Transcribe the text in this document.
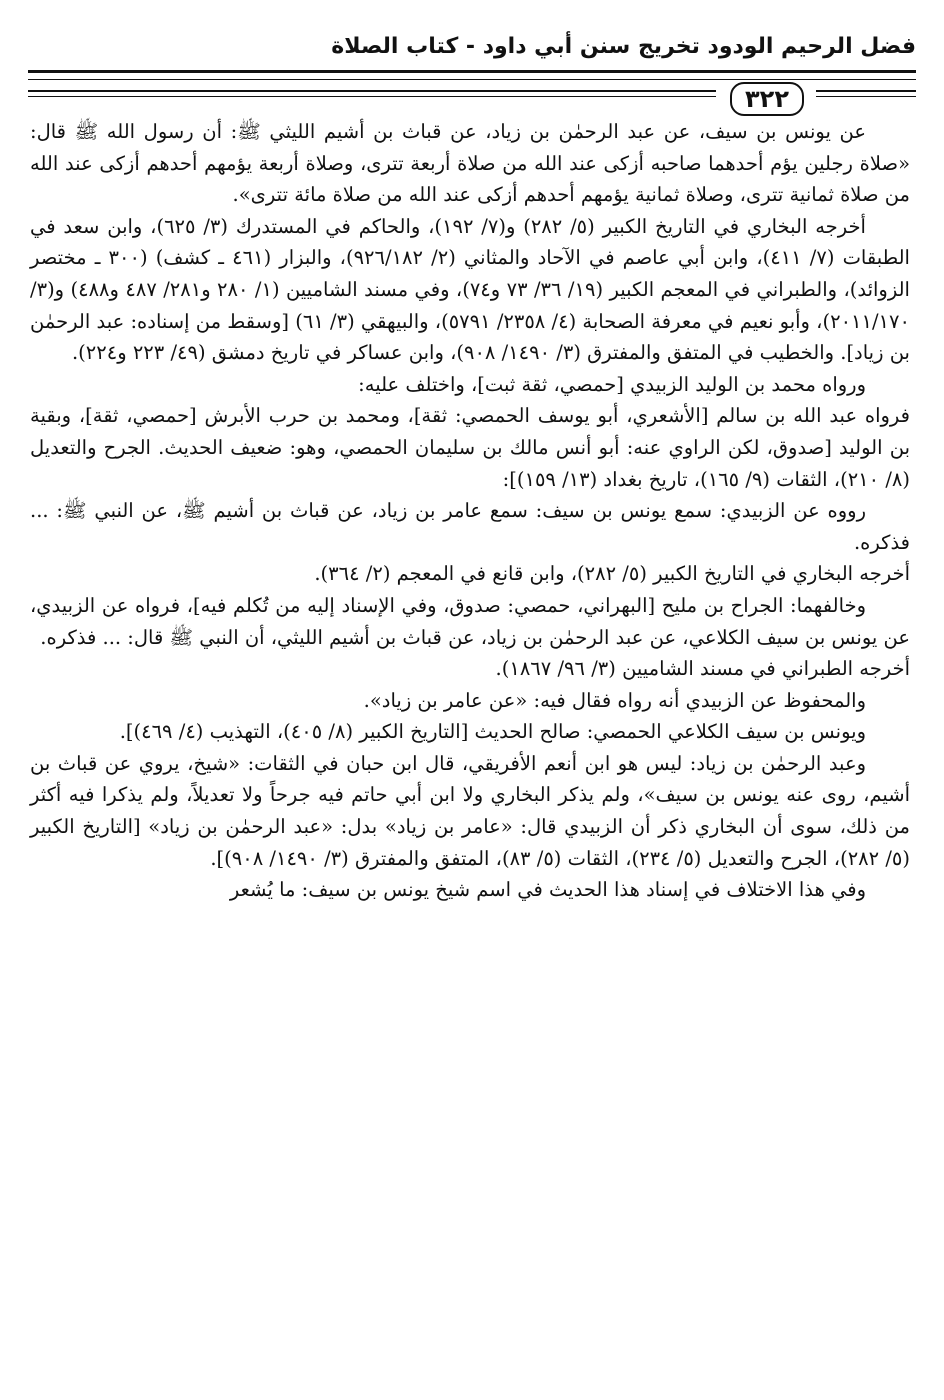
فضل الرحيم الودود تخريج سنن أبي داود - كتاب الصلاة
٣٢٢

عن يونس بن سيف، عن عبد الرحمٰن بن زياد، عن قباث بن أشيم الليثي ﷺ: أن رسول الله ﷺ قال: «صلاة رجلين يؤم أحدهما صاحبه أزكى عند الله من صلاة أربعة تترى، وصلاة أربعة يؤمهم أحدهم أزكى عند الله من صلاة ثمانية تترى، وصلاة ثمانية يؤمهم أحدهم أزكى عند الله من صلاة مائة تترى».

أخرجه البخاري في التاريخ الكبير (٥/ ٢٨٢) و(٧/ ١٩٢)، والحاكم في المستدرك (٣/ ٦٢٥)، وابن سعد في الطبقات (٧/ ٤١١)، وابن أبي عاصم في الآحاد والمثاني (٢/ ٩٢٦/١٨٢)، والبزار (٤٦١ ـ كشف) (٣٠٠ ـ مختصر الزوائد)، والطبراني في المعجم الكبير (١٩/ ٣٦/ ٧٣ و٧٤)، وفي مسند الشاميين (١/ ٢٨٠ و٢٨١/ ٤٨٧ و٤٨٨) و(٣/ ٢٠١١/١٧٠)، وأبو نعيم في معرفة الصحابة (٤/ ٢٣٥٨/ ٥٧٩١)، والبيهقي (٣/ ٦١) [وسقط من إسناده: عبد الرحمٰن بن زياد]. والخطيب في المتفق والمفترق (٣/ ١٤٩٠/ ٩٠٨)، وابن عساكر في تاريخ دمشق (٤٩/ ٢٢٣ و٢٢٤).

ورواه محمد بن الوليد الزبيدي [حمصي، ثقة ثبت]، واختلف عليه:

فرواه عبد الله بن سالم [الأشعري، أبو يوسف الحمصي: ثقة]، ومحمد بن حرب الأبرش [حمصي، ثقة]، وبقية بن الوليد [صدوق، لكن الراوي عنه: أبو أنس مالك بن سليمان الحمصي، وهو: ضعيف الحديث. الجرح والتعديل (٨/ ٢١٠)، الثقات (٩/ ١٦٥)، تاريخ بغداد (١٣/ ١٥٩)]:

رووه عن الزبيدي: سمع يونس بن سيف: سمع عامر بن زياد، عن قباث بن أشيم ﷺ، عن النبي ﷺ: ... فذكره.

أخرجه البخاري في التاريخ الكبير (٥/ ٢٨٢)، وابن قانع في المعجم (٢/ ٣٦٤).

وخالفهما: الجراح بن مليح [البهراني، حمصي: صدوق، وفي الإسناد إليه من تُكلم فيه]، فرواه عن الزبيدي، عن يونس بن سيف الكلاعي، عن عبد الرحمٰن بن زياد، عن قباث بن أشيم الليثي، أن النبي ﷺ قال: ... فذكره.

أخرجه الطبراني في مسند الشاميين (٣/ ٩٦/ ١٨٦٧).

والمحفوظ عن الزبيدي أنه رواه فقال فيه: «عن عامر بن زياد».

ويونس بن سيف الكلاعي الحمصي: صالح الحديث [التاريخ الكبير (٨/ ٤٠٥)، التهذيب (٤/ ٤٦٩)].

وعبد الرحمٰن بن زياد: ليس هو ابن أنعم الأفريقي، قال ابن حبان في الثقات: «شيخ، يروي عن قباث بن أشيم، روى عنه يونس بن سيف»، ولم يذكر البخاري ولا ابن أبي حاتم فيه جرحاً ولا تعديلاً، ولم يذكرا فيه أكثر من ذلك، سوى أن البخاري ذكر أن الزبيدي قال: «عامر بن زياد» بدل: «عبد الرحمٰن بن زياد» [التاريخ الكبير (٥/ ٢٨٢)، الجرح والتعديل (٥/ ٢٣٤)، الثقات (٥/ ٨٣)، المتفق والمفترق (٣/ ١٤٩٠/ ٩٠٨)].

وفي هذا الاختلاف في إسناد هذا الحديث في اسم شيخ يونس بن سيف: ما يُشعر
